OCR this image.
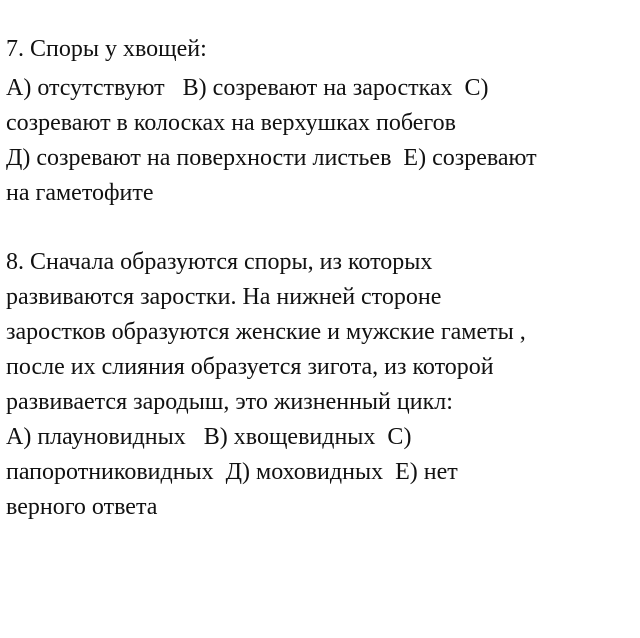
7. Споры у хвощей:
А) отсутствуют   В) созревают на заростках  С)
созревают в колосках на верхушках побегов
Д) созревают на поверхности листьев  Е) созревают
на гаметофите
8. Сначала образуются споры, из которых
развиваются заростки. На нижней стороне
заростков образуются женские и мужские гаметы ,
после их слияния образуется зигота, из которой
развивается зародыш, это жизненный цикл:
А) плауновидных   В) хвощевидных  С)
папоротниковидных  Д) моховидных  Е) нет
верного ответа
